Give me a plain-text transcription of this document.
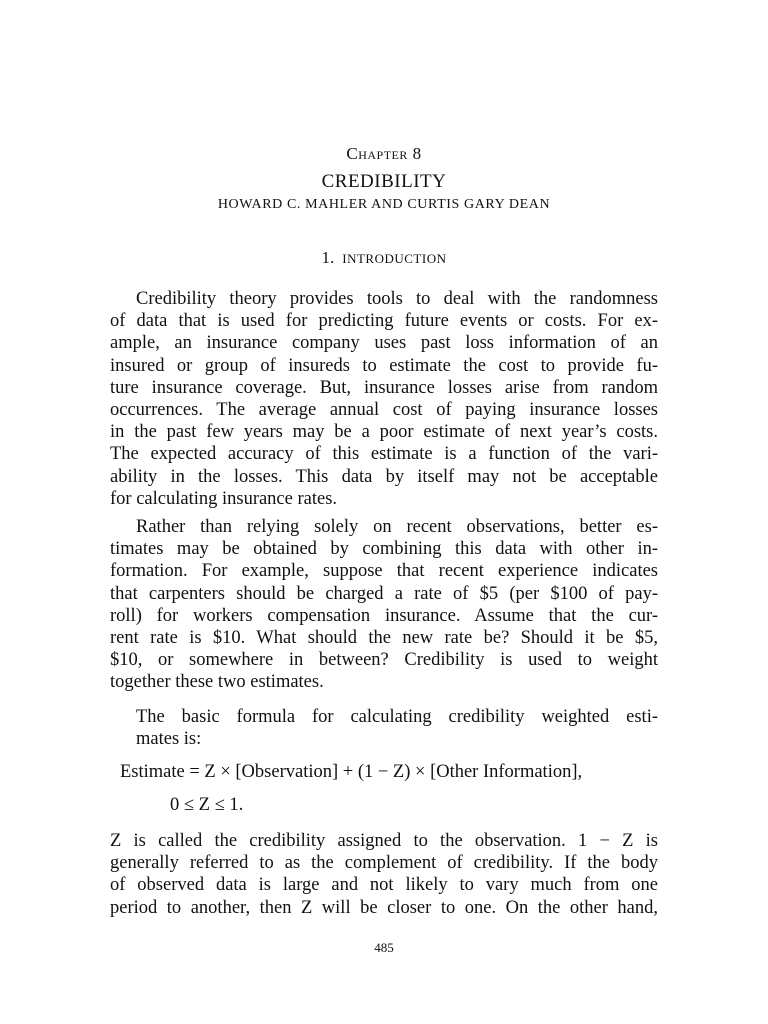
Chapter 8
CREDIBILITY
HOWARD C. MAHLER AND CURTIS GARY DEAN
1. INTRODUCTION
Credibility theory provides tools to deal with the randomness
of data that is used for predicting future events or costs. For ex-
ample, an insurance company uses past loss information of an
insured or group of insureds to estimate the cost to provide fu-
ture insurance coverage. But, insurance losses arise from random
occurrences. The average annual cost of paying insurance losses
in the past few years may be a poor estimate of next year’s costs.
The expected accuracy of this estimate is a function of the vari-
ability in the losses. This data by itself may not be acceptable
for calculating insurance rates.
Rather than relying solely on recent observations, better es-
timates may be obtained by combining this data with other in-
formation. For example, suppose that recent experience indicates
that carpenters should be charged a rate of $5 (per $100 of pay-
roll) for workers compensation insurance. Assume that the cur-
rent rate is $10. What should the new rate be? Should it be $5,
$10, or somewhere in between? Credibility is used to weight
together these two estimates.
The basic formula for calculating credibility weighted esti-
mates is:
Estimate = Z × [Observation] + (1 − Z) × [Other Information],
0 ≤ Z ≤ 1.
Z is called the credibility assigned to the observation. 1 − Z is
generally referred to as the complement of credibility. If the body
of observed data is large and not likely to vary much from one
period to another, then Z will be closer to one. On the other hand,
485
